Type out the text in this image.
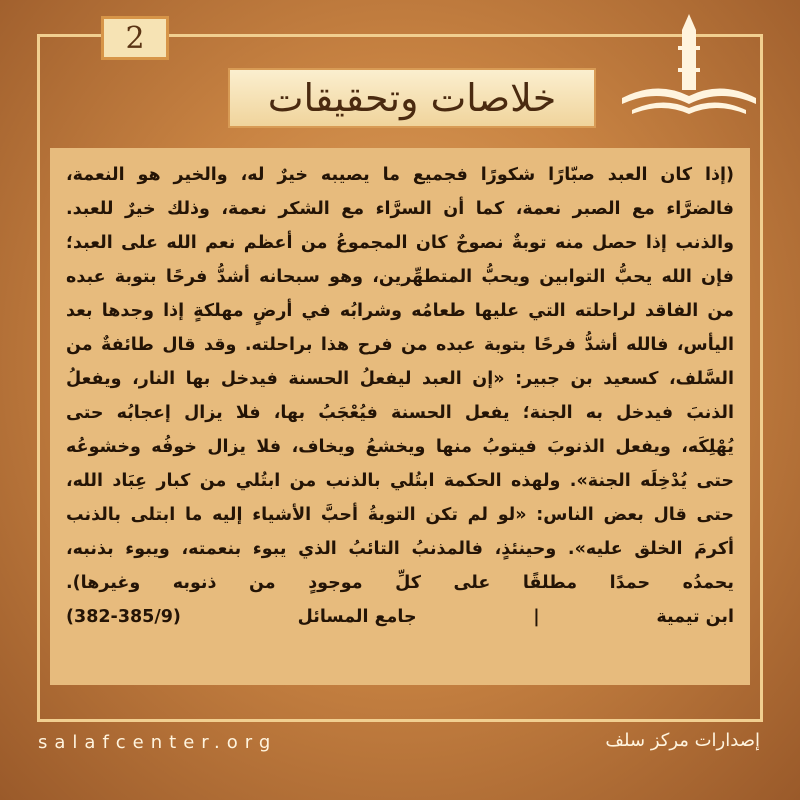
2
خلاصات وتحقيقات
(إذا كان العبد صبّارًا شكورًا فجميع ما يصيبه خيرٌ له، والخير هو النعمة،
فالضرَّاء مع الصبر نعمة، كما أن السرَّاء مع الشكر نعمة، وذلك خيرٌ للعبد.
والذنب إذا حصل منه توبةٌ نصوحٌ كان المجموعُ من أعظم نعم الله على العبد؛
فإن الله يحبُّ التوابين ويحبُّ المتطهِّرين، وهو سبحانه أشدُّ فرحًا بتوبة عبده
من الفاقد لراحلته التي عليها طعامُه وشرابُه في أرضٍ مهلكةٍ إذا وجدها بعد
اليأس، فالله أشدُّ فرحًا بتوبة عبده من فرح هذا براحلته. وقد قال طائفةٌ من
السَّلف، كسعيد بن جبير: «إن العبد ليفعلُ الحسنة فيدخل بها النار، ويفعلُ
الذنبَ فيدخل به الجنة؛ يفعل الحسنة فيُعْجَبُ بها، فلا يزال إعجابُه حتى
يُهْلِكَه، ويفعل الذنوبَ فيتوبُ منها ويخشعُ ويخاف، فلا يزال خوفُه وخشوعُه
حتى يُدْخِلَه الجنة». ولهذه الحكمة ابتُلي بالذنب من ابتُلي من كبار عِبَاد الله،
حتى قال بعض الناس: «لو لم تكن التوبةُ أحبَّ الأشياء إليه ما ابتلى بالذنب
أكرمَ الخلق عليه». وحينئذٍ، فالمذنبُ التائبُ الذي يبوء بنعمته، ويبوء بذنبه،
يحمدُه حمدًا مطلقًا على كلِّ موجودٍ من ذنوبه وغيرها).
ابن تيمية
|
جامع المسائل
(382-385/9)
salafcenter.org	إصدارات مركز سلف
